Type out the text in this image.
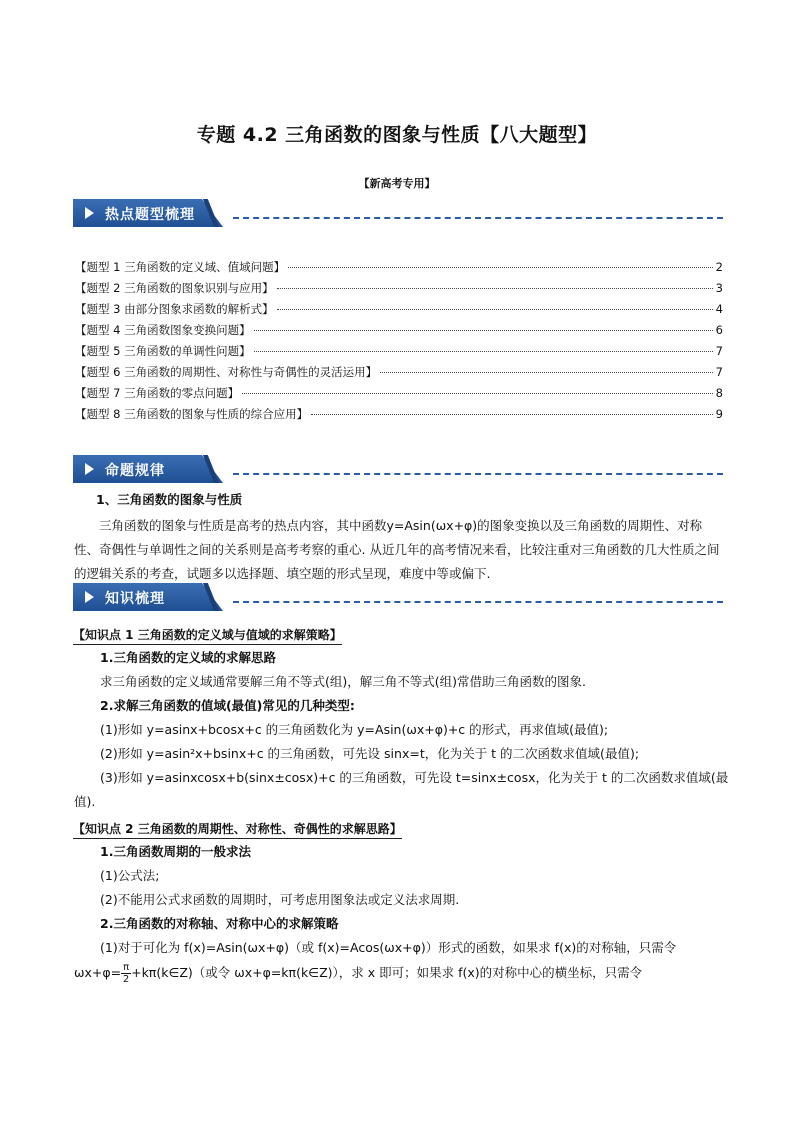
专题 4.2 三角函数的图象与性质【八大题型】
【新高考专用】
热点题型梳理
【题型 1 三角函数的定义域、值域问题】	2
【题型 2 三角函数的图象识别与应用】	3
【题型 3 由部分图象求函数的解析式】	4
【题型 4 三角函数图象变换问题】	6
【题型 5 三角函数的单调性问题】	7
【题型 6 三角函数的周期性、对称性与奇偶性的灵活运用】	7
【题型 7 三角函数的零点问题】	8
【题型 8 三角函数的图象与性质的综合应用】	9
命题规律
1、三角函数的图象与性质
三角函数的图象与性质是高考的热点内容，其中函数y=Asin(ωx+φ)的图象变换以及三角函数的周期性、对称性、奇偶性与单调性之间的关系则是高考考察的重心. 从近几年的高考情况来看，比较注重对三角函数的几大性质之间的逻辑关系的考查，试题多以选择题、填空题的形式呈现，难度中等或偏下.
知识梳理
【知识点 1 三角函数的定义域与值域的求解策略】
1.三角函数的定义域的求解思路
求三角函数的定义域通常要解三角不等式(组)，解三角不等式(组)常借助三角函数的图象.
2.求解三角函数的值域(最值)常见的几种类型:
(1)形如 y=asinx+bcosx+c 的三角函数化为 y=Asin(ωx+φ)+c 的形式，再求值域(最值);
(2)形如 y=asin²x+bsinx+c 的三角函数，可先设 sinx=t，化为关于 t 的二次函数求值域(最值);
(3)形如 y=asinxcosx+b(sinx±cosx)+c 的三角函数，可先设 t=sinx±cosx，化为关于 t 的二次函数求值域(最
值).
【知识点 2 三角函数的周期性、对称性、奇偶性的求解思路】
1.三角函数周期的一般求法
(1)公式法;
(2)不能用公式求函数的周期时，可考虑用图象法或定义法求周期.
2.三角函数的对称轴、对称中心的求解策略
(1)对于可化为 f(x)=Asin(ωx+φ)（或 f(x)=Acos(ωx+φ)）形式的函数，如果求 f(x)的对称轴，只需令
$\omega x+\varphi= \frac{\pi}{2}$ +kπ(k∈Z)（或令 ωx+φ=kπ(k∈Z)），求 x 即可；如果求 f(x)的对称中心的横坐标，只需令
